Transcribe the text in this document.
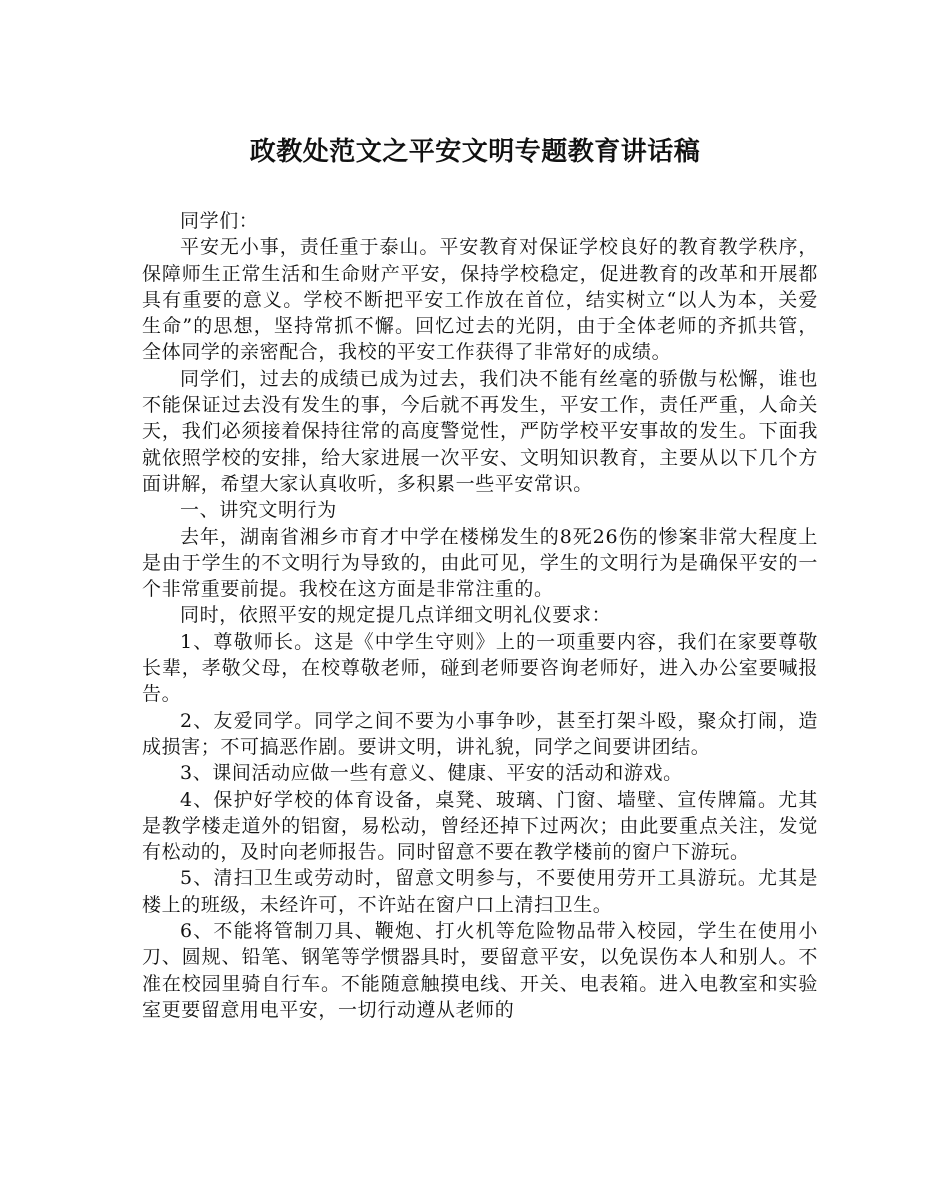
政教处范文之平安文明专题教育讲话稿

同学们：

平安无小事，责任重于泰山。平安教育对保证学校良好的教育教学秩序，保障师生正常生活和生命财产平安，保持学校稳定，促进教育的改革和开展都具有重要的意义。学校不断把平安工作放在首位，结实树立“以人为本，关爱生命”的思想，坚持常抓不懈。回忆过去的光阴，由于全体老师的齐抓共管，全体同学的亲密配合，我校的平安工作获得了非常好的成绩。

同学们，过去的成绩已成为过去，我们决不能有丝毫的骄傲与松懈，谁也不能保证过去没有发生的事，今后就不再发生，平安工作，责任严重，人命关天，我们必须接着保持往常的高度警觉性，严防学校平安事故的发生。下面我就依照学校的安排，给大家进展一次平安、文明知识教育，主要从以下几个方面讲解，希望大家认真收听，多积累一些平安常识。

一、讲究文明行为

去年，湖南省湘乡市育才中学在楼梯发生的8死26伤的惨案非常大程度上是由于学生的不文明行为导致的，由此可见，学生的文明行为是确保平安的一个非常重要前提。我校在这方面是非常注重的。

同时，依照平安的规定提几点详细文明礼仪要求：

1、尊敬师长。这是《中学生守则》上的一项重要内容，我们在家要尊敬长辈，孝敬父母，在校尊敬老师，碰到老师要咨询老师好，进入办公室要喊报告。

2、友爱同学。同学之间不要为小事争吵，甚至打架斗殴，聚众打闹，造成损害；不可搞恶作剧。要讲文明，讲礼貌，同学之间要讲团结。

3、课间活动应做一些有意义、健康、平安的活动和游戏。

4、保护好学校的体育设备，桌凳、玻璃、门窗、墙壁、宣传牌篇。尤其是教学楼走道外的铝窗，易松动，曾经还掉下过两次；由此要重点关注，发觉有松动的，及时向老师报告。同时留意不要在教学楼前的窗户下游玩。

5、清扫卫生或劳动时，留意文明参与，不要使用劳开工具游玩。尤其是楼上的班级，未经许可，不许站在窗户口上清扫卫生。

6、不能将管制刀具、鞭炮、打火机等危险物品带入校园，学生在使用小刀、圆规、铅笔、钢笔等学惯器具时，要留意平安，以免误伤本人和别人。不准在校园里骑自行车。不能随意触摸电线、开关、电表箱。进入电教室和实验室更要留意用电平安，一切行动遵从老师的
